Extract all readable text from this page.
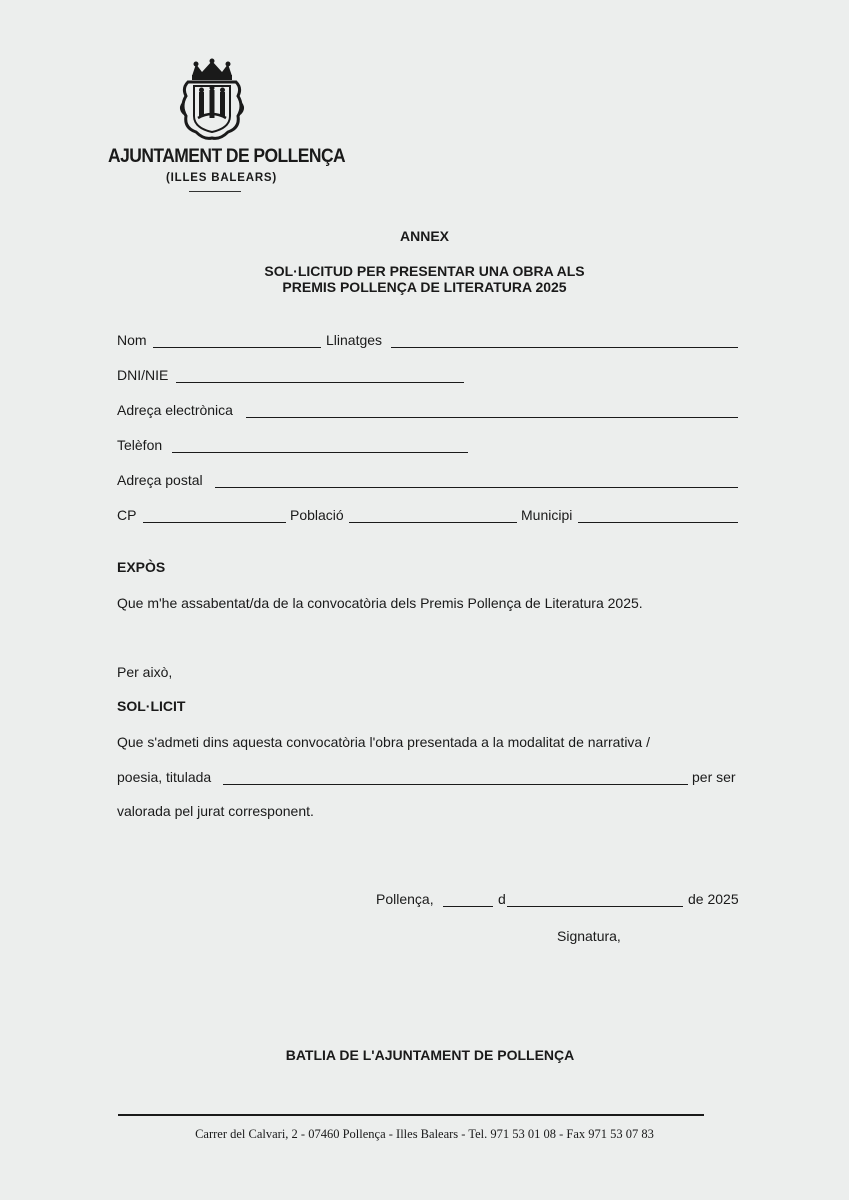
AJUNTAMENT DE POLLENÇA
(ILLES BALEARS)
ANNEX
SOL·LICITUD PER PRESENTAR UNA OBRA ALS
PREMIS POLLENÇA DE LITERATURA 2025
Nom	Llinatges
DNI/NIE
Adreça electrònica
Telèfon
Adreça postal
CP	Població	Municipi
EXPÒS
Que m'he assabentat/da de la convocatòria dels Premis Pollença de Literatura 2025.
Per això,
SOL·LICIT
Que s'admeti dins aquesta convocatòria l'obra presentada a la modalitat de narrativa /
poesia, titulada	per ser
valorada pel jurat corresponent.
Pollença,	d	de 2025
Signatura,
BATLIA DE L'AJUNTAMENT DE POLLENÇA
Carrer del Calvari, 2 - 07460 Pollença - Illes Balears - Tel. 971 53 01 08 - Fax 971 53 07 83
